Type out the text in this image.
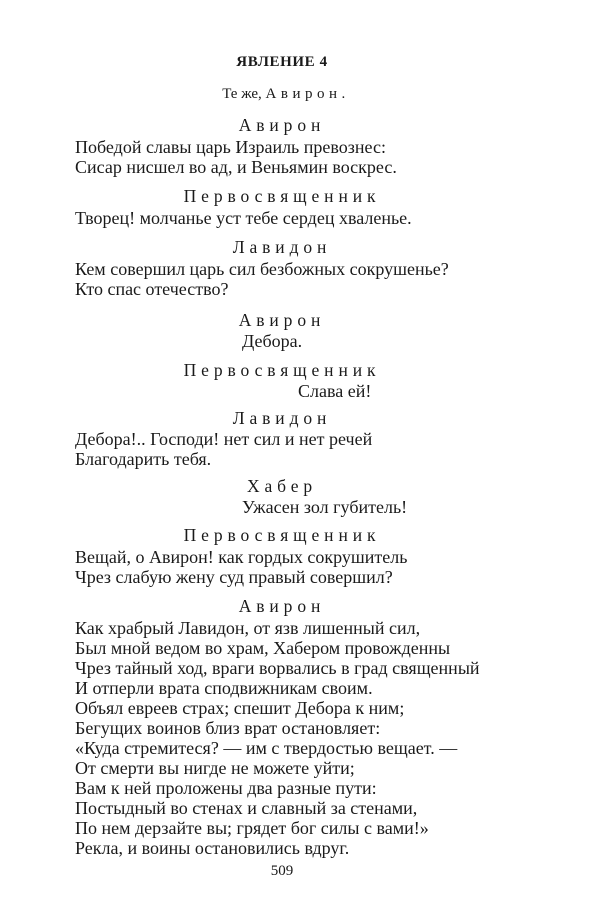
ЯВЛЕНИЕ 4
Те же, Авирон.
Авирон
Победой славы царь Израиль превознес:
Сисар нисшел во ад, и Веньямин воскрес.
Первосвященник
Творец! молчанье уст тебе сердец хваленье.
Лавидон
Кем совершил царь сил безбожных сокрушенье?
Кто спас отечество?
Авирон
Дебора.
Первосвященник
Слава ей!
Лавидон
Дебора!.. Господи! нет сил и нет речей
Благодарить тебя.
Хабер
Ужасен зол губитель!
Первосвященник
Вещай, о Авирон! как гордых сокрушитель
Чрез слабую жену суд правый совершил?
Авирон
Как храбрый Лавидон, от язв лишенный сил,
Был мной ведом во храм, Хабером провожденны
Чрез тайный ход, враги ворвались в град священный
И отперли врата сподвижникам своим.
Объял евреев страх; спешит Дебора к ним;
Бегущих воинов близ врат остановляет:
«Куда стремитеся? — им с твердостью вещает. —
От смерти вы нигде не можете уйти;
Вам к ней проложены два разные пути:
Постыдный во стенах и славный за стенами,
По нем дерзайте вы; грядет бог силы с вами!»
Рекла, и воины остановились вдруг.
509
